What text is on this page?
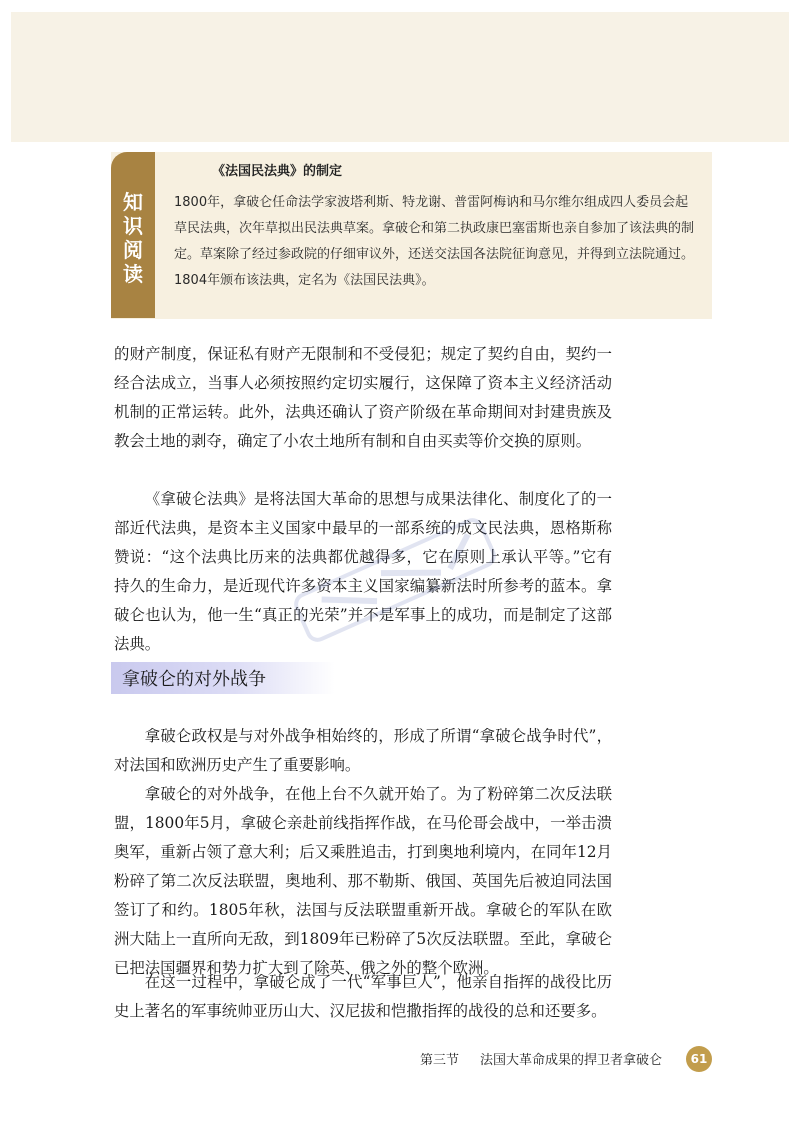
知
识
阅
读

《法国民法典》的制定

1800年，拿破仑任命法学家波塔利斯、特龙谢、普雷阿梅讷和马尔维尔组成四人委员会起草民法典，次年草拟出民法典草案。拿破仑和第二执政康巴塞雷斯也亲自参加了该法典的制定。草案除了经过参政院的仔细审议外，还送交法国各法院征询意见，并得到立法院通过。1804年颁布该法典，定名为《法国民法典》。

的财产制度，保证私有财产无限制和不受侵犯；规定了契约自由，契约一经合法成立，当事人必须按照约定切实履行，这保障了资本主义经济活动机制的正常运转。此外，法典还确认了资产阶级在革命期间对封建贵族及教会土地的剥夺，确定了小农土地所有制和自由买卖等价交换的原则。

《拿破仑法典》是将法国大革命的思想与成果法律化、制度化了的一部近代法典，是资本主义国家中最早的一部系统的成文民法典，恩格斯称赞说：“这个法典比历来的法典都优越得多，它在原则上承认平等。”它有持久的生命力，是近现代许多资本主义国家编纂新法时所参考的蓝本。拿破仑也认为，他一生“真正的光荣”并不是军事上的成功，而是制定了这部法典。

拿破仑的对外战争

拿破仑政权是与对外战争相始终的，形成了所谓“拿破仑战争时代”，对法国和欧洲历史产生了重要影响。

拿破仑的对外战争，在他上台不久就开始了。为了粉碎第二次反法联盟，1800年5月，拿破仑亲赴前线指挥作战，在马伦哥会战中，一举击溃奥军，重新占领了意大利；后又乘胜追击，打到奥地利境内，在同年12月粉碎了第二次反法联盟，奥地利、那不勒斯、俄国、英国先后被迫同法国签订了和约。1805年秋，法国与反法联盟重新开战。拿破仑的军队在欧洲大陆上一直所向无敌，到1809年已粉碎了5次反法联盟。至此，拿破仑已把法国疆界和势力扩大到了除英、俄之外的整个欧洲。

在这一过程中，拿破仑成了一代“军事巨人”，他亲自指挥的战役比历史上著名的军事统帅亚历山大、汉尼拔和恺撒指挥的战役的总和还要多。

第三节 法国大革命成果的捍卫者拿破仑	61
